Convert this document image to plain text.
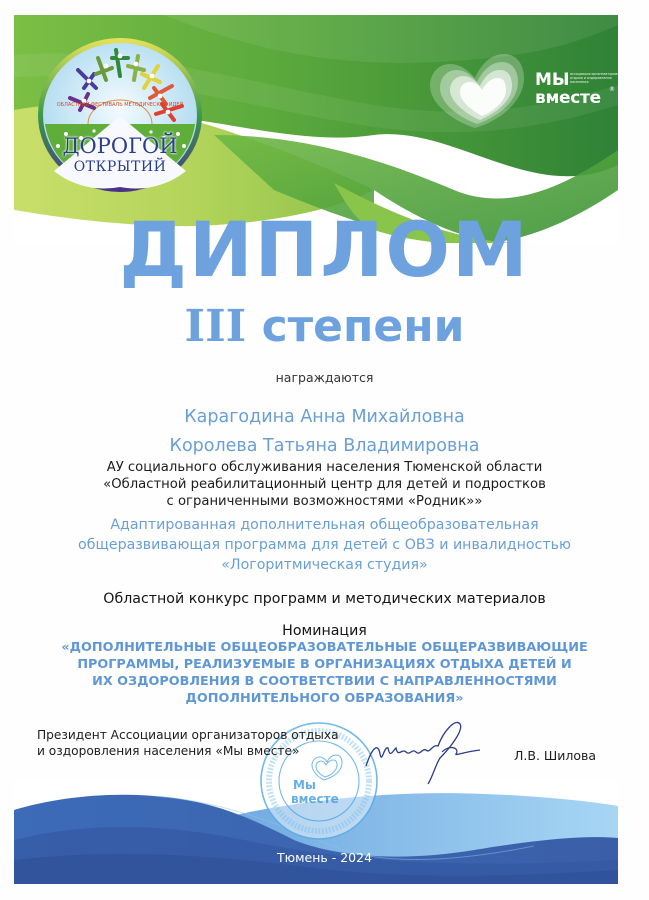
ОБЛАСТНОЙ ФЕСТИВАЛЬ МЕТОДИЧЕСКИХ ИДЕЙ
ДОРОГОЙ
ОТКРЫТИЙ
МЫ ассоциация организаторов отдыха и оздоровления населения
вместе ®
ДИПЛОМ
III степени
награждаются
Карагодина Анна Михайловна
Королева Татьяна Владимировна
АУ социального обслуживания населения Тюменской области
«Областной реабилитационный центр для детей и подростков
с ограниченными возможностями «Родник»»
Адаптированная дополнительная общеобразовательная
общеразвивающая программа для детей с ОВЗ и инвалидностью
«Логоритмическая студия»
Областной конкурс программ и методических материалов
Номинация
«ДОПОЛНИТЕЛЬНЫЕ ОБЩЕОБРАЗОВАТЕЛЬНЫЕ ОБЩЕРАЗВИВАЮЩИЕ
ПРОГРАММЫ, РЕАЛИЗУЕМЫЕ В ОРГАНИЗАЦИЯХ ОТДЫХА ДЕТЕЙ И
ИХ ОЗДОРОВЛЕНИЯ В СООТВЕТСТВИИ С НАПРАВЛЕННОСТЯМИ
ДОПОЛНИТЕЛЬНОГО ОБРАЗОВАНИЯ»
Мы
вместе
Президент Ассоциации организаторов отдыха
и оздоровления населения «Мы вместе»	Л.В. Шилова
Тюмень - 2024
